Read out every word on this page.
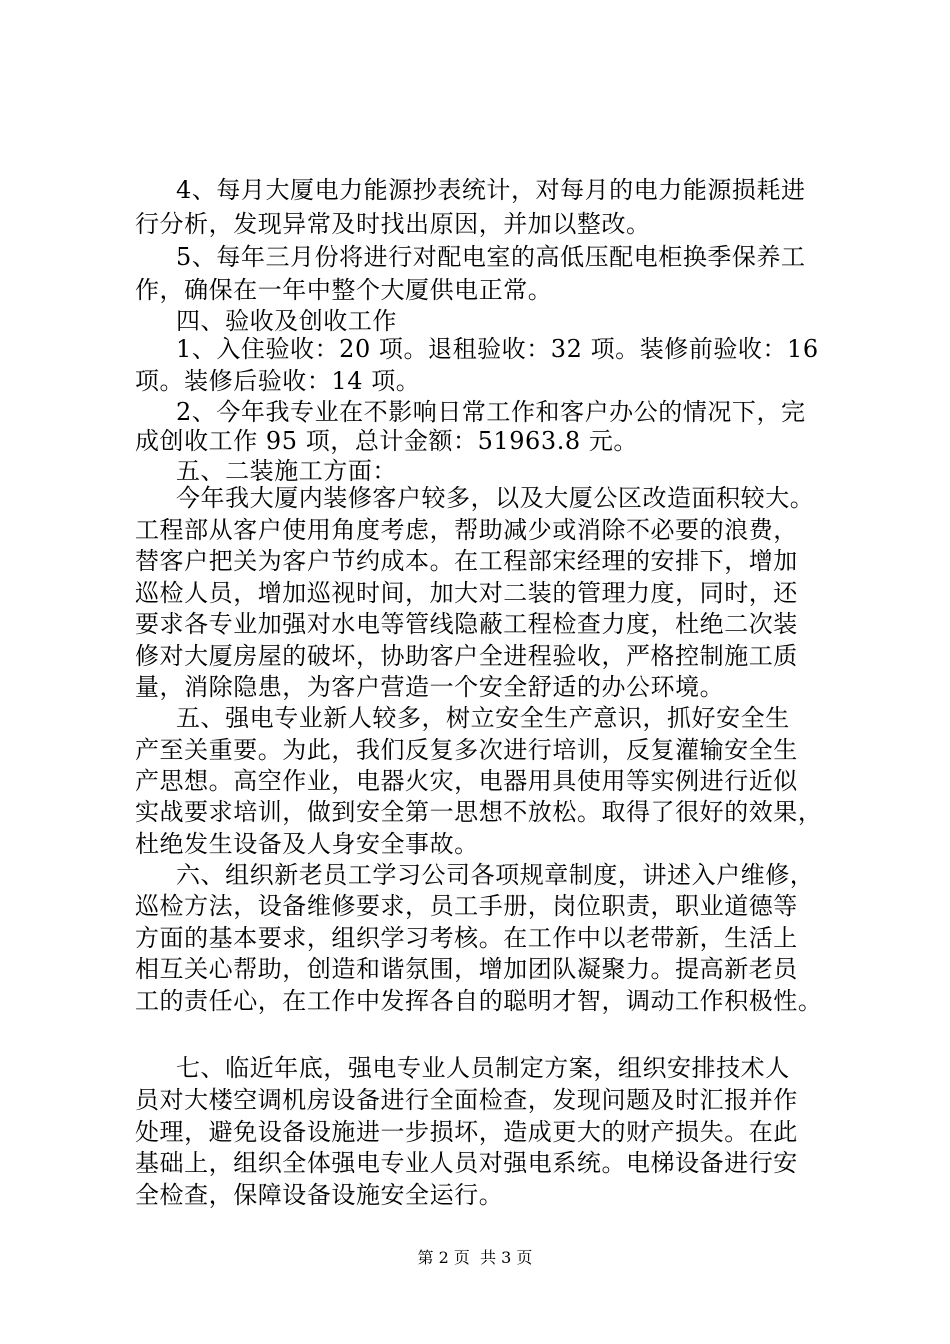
4、每月大厦电力能源抄表统计，对每月的电力能源损耗进
行分析，发现异常及时找出原因，并加以整改。
5、每年三月份将进行对配电室的高低压配电柜换季保养工
作，确保在一年中整个大厦供电正常。
四、验收及创收工作
1、入住验收：20 项。退租验收：32 项。装修前验收：16
项。装修后验收：14 项。
2、今年我专业在不影响日常工作和客户办公的情况下，完
成创收工作 95 项，总计金额：51963.8 元。
五、二装施工方面：
今年我大厦内装修客户较多，以及大厦公区改造面积较大。
工程部从客户使用角度考虑，帮助减少或消除不必要的浪费，
替客户把关为客户节约成本。在工程部宋经理的安排下，增加
巡检人员，增加巡视时间，加大对二装的管理力度，同时，还
要求各专业加强对水电等管线隐蔽工程检查力度，杜绝二次装
修对大厦房屋的破坏，协助客户全进程验收，严格控制施工质
量，消除隐患，为客户营造一个安全舒适的办公环境。
五、强电专业新人较多，树立安全生产意识，抓好安全生
产至关重要。为此，我们反复多次进行培训，反复灌输安全生
产思想。高空作业，电器火灾，电器用具使用等实例进行近似
实战要求培训，做到安全第一思想不放松。取得了很好的效果，
杜绝发生设备及人身安全事故。
六、组织新老员工学习公司各项规章制度，讲述入户维修，
巡检方法，设备维修要求，员工手册，岗位职责，职业道德等
方面的基本要求，组织学习考核。在工作中以老带新，生活上
相互关心帮助，创造和谐氛围，增加团队凝聚力。提高新老员
工的责任心，在工作中发挥各自的聪明才智，调动工作积极性。
七、临近年底，强电专业人员制定方案，组织安排技术人
员对大楼空调机房设备进行全面检查，发现问题及时汇报并作
处理，避免设备设施进一步损坏，造成更大的财产损失。在此
基础上，组织全体强电专业人员对强电系统。电梯设备进行安
全检查，保障设备设施安全运行。
第 2 页  共 3 页
